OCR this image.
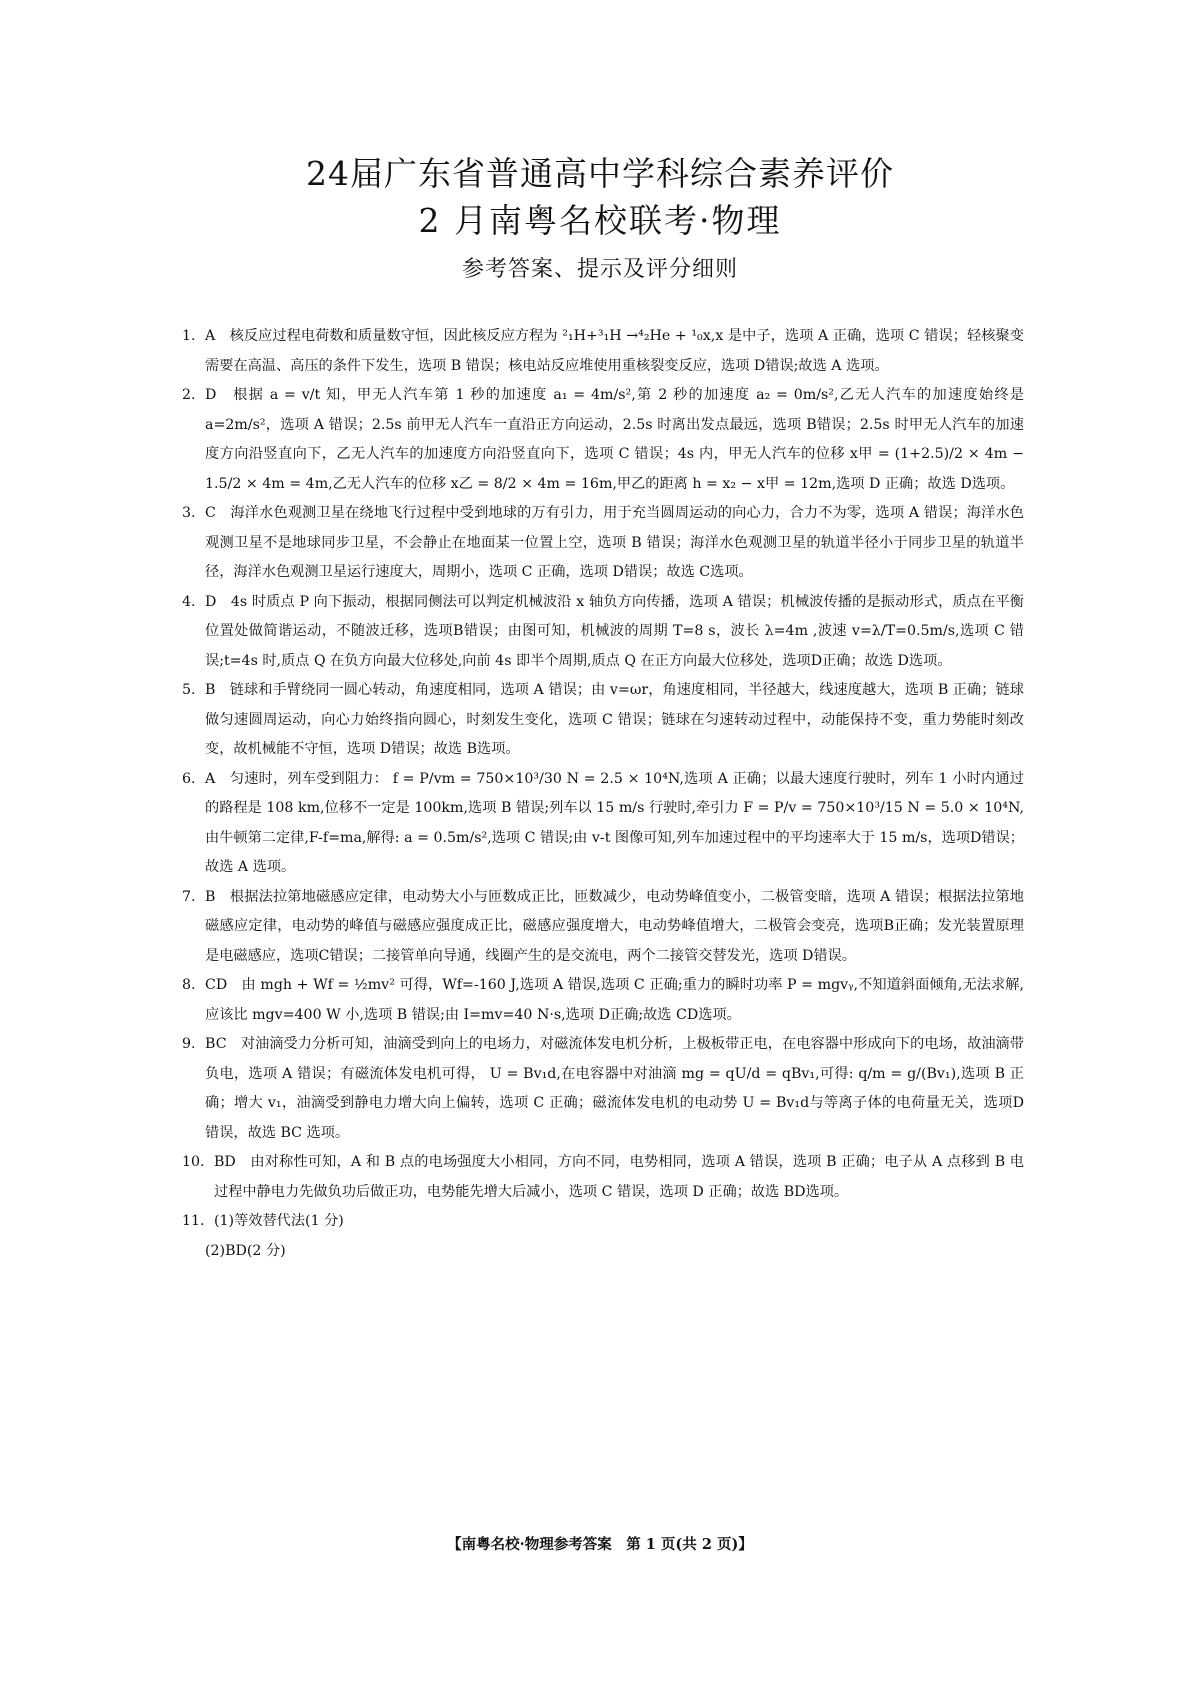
24届广东省普通高中学科综合素养评价
2 月南粤名校联考·物理
参考答案、提示及评分细则
1. A　核反应过程电荷数和质量数守恒，因此核反应方程为 ²₁H+³₁H →⁴₂He + ¹₀x,x 是中子，选项 A 正确，选项 C 错误；轻核聚变需要在高温、高压的条件下发生，选项 B 错误；核电站反应堆使用重核裂变反应，选项 D错误;故选 A 选项。
2. D　根据 a = v/t 知，甲无人汽车第 1 秒的加速度 a₁ = 4m/s²,第 2 秒的加速度 a₂ = 0m/s²,乙无人汽车的加速度始终是 a=2m/s²，选项 A 错误；2.5s 前甲无人汽车一直沿正方向运动，2.5s 时离出发点最远，选项 B错误；2.5s 时甲无人汽车的加速度方向沿竖直向下，乙无人汽车的加速度方向沿竖直向下，选项 C 错误；4s 内，甲无人汽车的位移 x甲 = (1+2.5)/2 × 4m − 1.5/2 × 4m = 4m,乙无人汽车的位移 x乙 = 8/2 × 4m = 16m,甲乙的距离 h = x₂ − x甲 = 12m,选项 D 正确；故选 D选项。
3. C　海洋水色观测卫星在绕地飞行过程中受到地球的万有引力，用于充当圆周运动的向心力，合力不为零，选项 A 错误；海洋水色观测卫星不是地球同步卫星，不会静止在地面某一位置上空，选项 B 错误；海洋水色观测卫星的轨道半径小于同步卫星的轨道半径，海洋水色观测卫星运行速度大，周期小，选项 C 正确，选项 D错误；故选 C选项。
4. D　4s 时质点 P 向下振动，根据同侧法可以判定机械波沿 x 轴负方向传播，选项 A 错误；机械波传播的是振动形式，质点在平衡位置处做简谐运动，不随波迁移，选项B错误；由图可知，机械波的周期 T=8 s，波长 λ=4m ,波速 v=λ/T=0.5m/s,选项 C 错误;t=4s 时,质点 Q 在负方向最大位移处,向前 4s 即半个周期,质点 Q 在正方向最大位移处，选项D正确；故选 D选项。
5. B　链球和手臂绕同一圆心转动，角速度相同，选项 A 错误；由 v=ωr，角速度相同，半径越大，线速度越大，选项 B 正确；链球做匀速圆周运动，向心力始终指向圆心，时刻发生变化，选项 C 错误；链球在匀速转动过程中，动能保持不变，重力势能时刻改变，故机械能不守恒，选项 D错误；故选 B选项。
6. A　匀速时，列车受到阻力： f = P/vm = 750×10³/30 N = 2.5 × 10⁴N,选项 A 正确；以最大速度行驶时，列车 1 小时内通过的路程是 108 km,位移不一定是 100km,选项 B 错误;列车以 15 m/s 行驶时,牵引力 F = P/v = 750×10³/15 N = 5.0 × 10⁴N,由牛顿第二定律,F-f=ma,解得: a = 0.5m/s²,选项 C 错误;由 v-t 图像可知,列车加速过程中的平均速率大于 15 m/s，选项D错误；故选 A 选项。
7. B　根据法拉第地磁感应定律，电动势大小与匝数成正比，匝数减少，电动势峰值变小，二极管变暗，选项 A 错误；根据法拉第地磁感应定律，电动势的峰值与磁感应强度成正比，磁感应强度增大，电动势峰值增大，二极管会变亮，选项B正确；发光装置原理是电磁感应，选项C错误；二接管单向导通，线圈产生的是交流电，两个二接管交替发光，选项 D错误。
8. CD　由 mgh + Wf = ½mv² 可得，Wf=-160 J,选项 A 错误,选项 C 正确;重力的瞬时功率 P = mgvᵧ,不知道斜面倾角,无法求解,应该比 mgv=400 W 小,选项 B 错误;由 I=mv=40 N·s,选项 D正确;故选 CD选项。
9. BC　对油滴受力分析可知，油滴受到向上的电场力，对磁流体发电机分析，上极板带正电，在电容器中形成向下的电场，故油滴带负电，选项 A 错误；有磁流体发电机可得， U = Bv₁d,在电容器中对油滴 mg = qU/d = qBv₁,可得: q/m = g/(Bv₁),选项 B 正确；增大 v₁，油滴受到静电力增大向上偏转，选项 C 正确；磁流体发电机的电动势 U = Bv₁d与等离子体的电荷量无关，选项D 错误，故选 BC 选项。
10. BD　由对称性可知，A 和 B 点的电场强度大小相同，方向不同，电势相同，选项 A 错误，选项 B 正确；电子从 A 点移到 B 电过程中静电力先做负功后做正功，电势能先增大后减小，选项 C 错误，选项 D 正确；故选 BD选项。
11. (1)等效替代法(1 分)
(2)BD(2 分)
【南粤名校·物理参考答案　第 1 页(共 2 页)】
